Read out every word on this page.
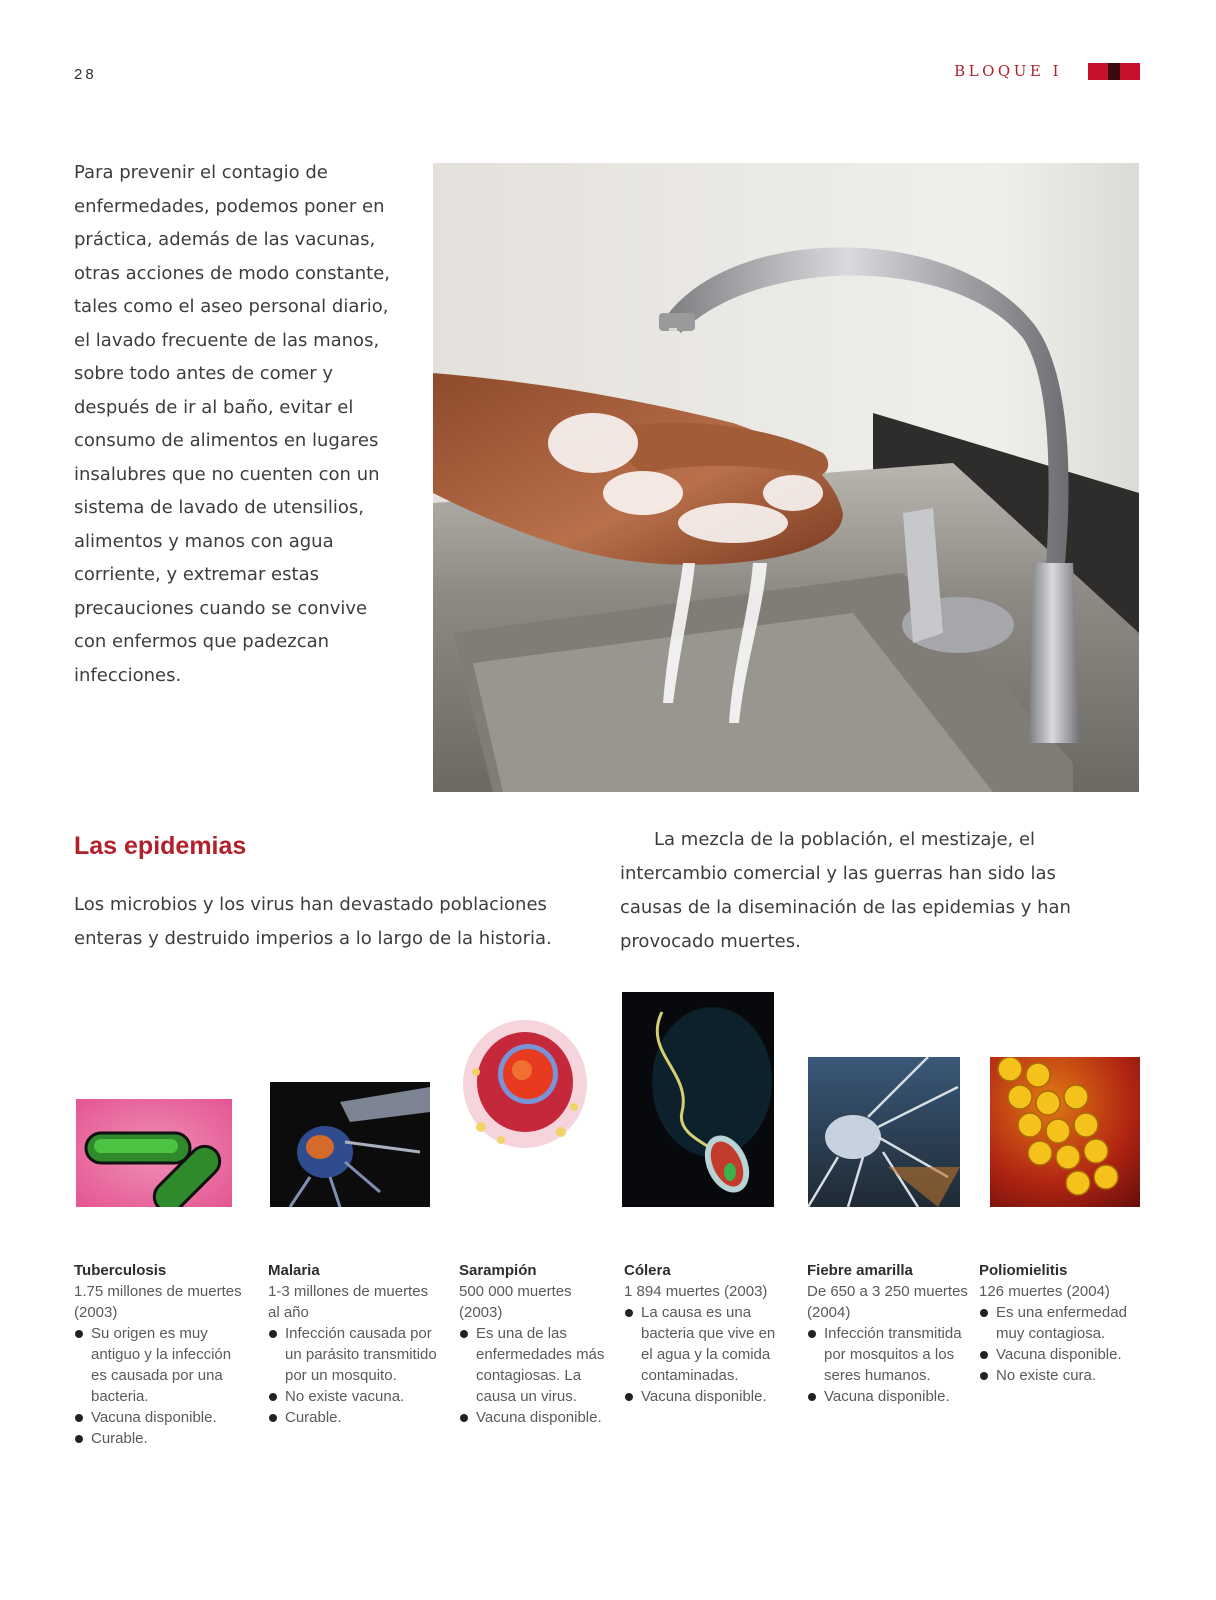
28	BLOQUE I

Para prevenir el contagio de enfermedades, podemos poner en práctica, además de las vacunas, otras acciones de modo constante, tales como el aseo personal diario, el lavado frecuente de las manos, sobre todo antes de comer y después de ir al baño, evitar el consumo de alimentos en lugares insalubres que no cuenten con un sistema de lavado de utensilios, alimentos y manos con agua corriente, y extremar estas precauciones cuando se convive con enfermos que padezcan infecciones.

Las epidemias

Los microbios y los virus han devastado poblaciones enteras y destruido imperios a lo largo de la historia.

La mezcla de la población, el mestizaje, el intercambio comercial y las guerras han sido las causas de la diseminación de las epidemias y han provocado muertes.

Tuberculosis
1.75 millones de muertes (2003)
Su origen es muy antiguo y la infección es causada por una bacteria.
Vacuna disponible.
Curable.
Malaria
1-3 millones de muertes al año
Infección causada por un parásito transmitido por un mosquito.
No existe vacuna.
Curable.
Sarampión
500 000 muertes (2003)
Es una de las enfermedades más contagiosas. La causa un virus.
Vacuna disponible.
Cólera
1 894 muertes (2003)
La causa es una bacteria que vive en el agua y la comida contaminadas.
Vacuna disponible.
Fiebre amarilla
De 650 a 3 250 muertes (2004)
Infección transmitida por mosquitos a los seres humanos.
Vacuna disponible.
Poliomielitis
126 muertes (2004)
Es una enfermedad muy contagiosa.
Vacuna disponible.
No existe cura.
